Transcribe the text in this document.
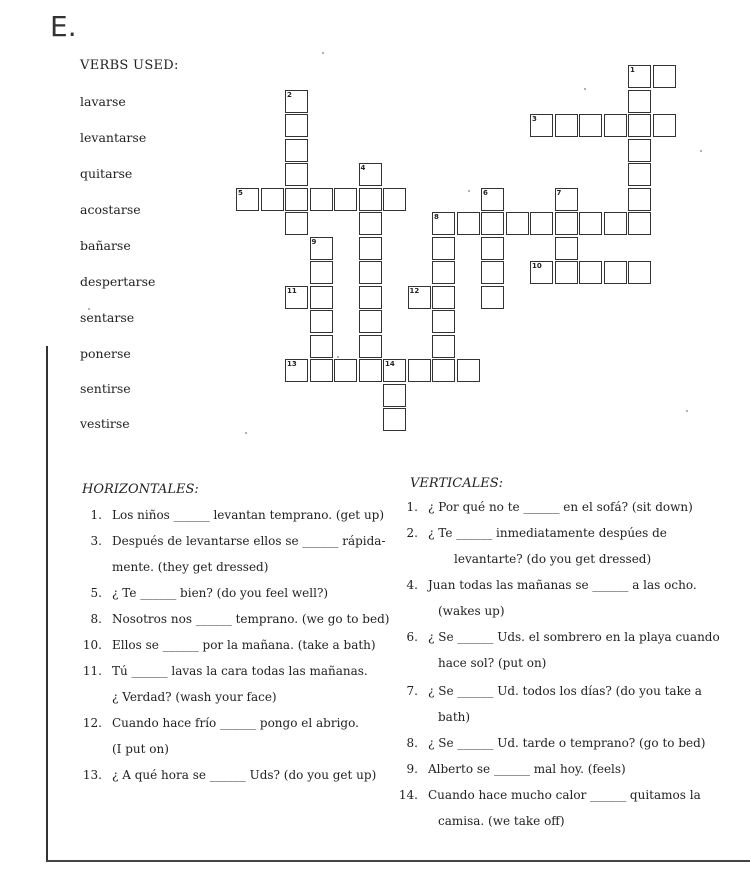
E.
VERBS USED:
lavarse
levantarse
quitarse
acostarse
bañarse
despertarse
sentarse
ponerse
sentirse
vestirse
1
2
3
4
5	6	7
8
9
10
11	12
13	14
HORIZONTALES:	VERTICALES:
1. Los niños ______ levantan temprano. (get up)
3. Después de levantarse ellos se ______ rápida-
mente. (they get dressed)
5. ¿ Te ______ bien? (do you feel well?)
8. Nosotros nos ______ temprano. (we go to bed)
10. Ellos se ______ por la mañana. (take a bath)
11. Tú ______ lavas la cara todas las mañanas.
¿ Verdad? (wash your face)
12. Cuando hace frío ______ pongo el abrigo.
(I put on)
13. ¿ A qué hora se ______ Uds? (do you get up)
1. ¿ Por qué no te ______ en el sofá? (sit down)
2. ¿ Te ______ inmediatamente despúes de
levantarte? (do you get dressed)
4. Juan todas las mañanas se ______ a las ocho.
(wakes up)
6. ¿ Se ______ Uds. el sombrero en la playa cuando
hace sol? (put on)
7. ¿ Se ______ Ud. todos los días? (do you take a
bath)
8. ¿ Se ______ Ud. tarde o temprano? (go to bed)
9. Alberto se ______ mal hoy. (feels)
14. Cuando hace mucho calor ______ quitamos la
camisa. (we take off)
